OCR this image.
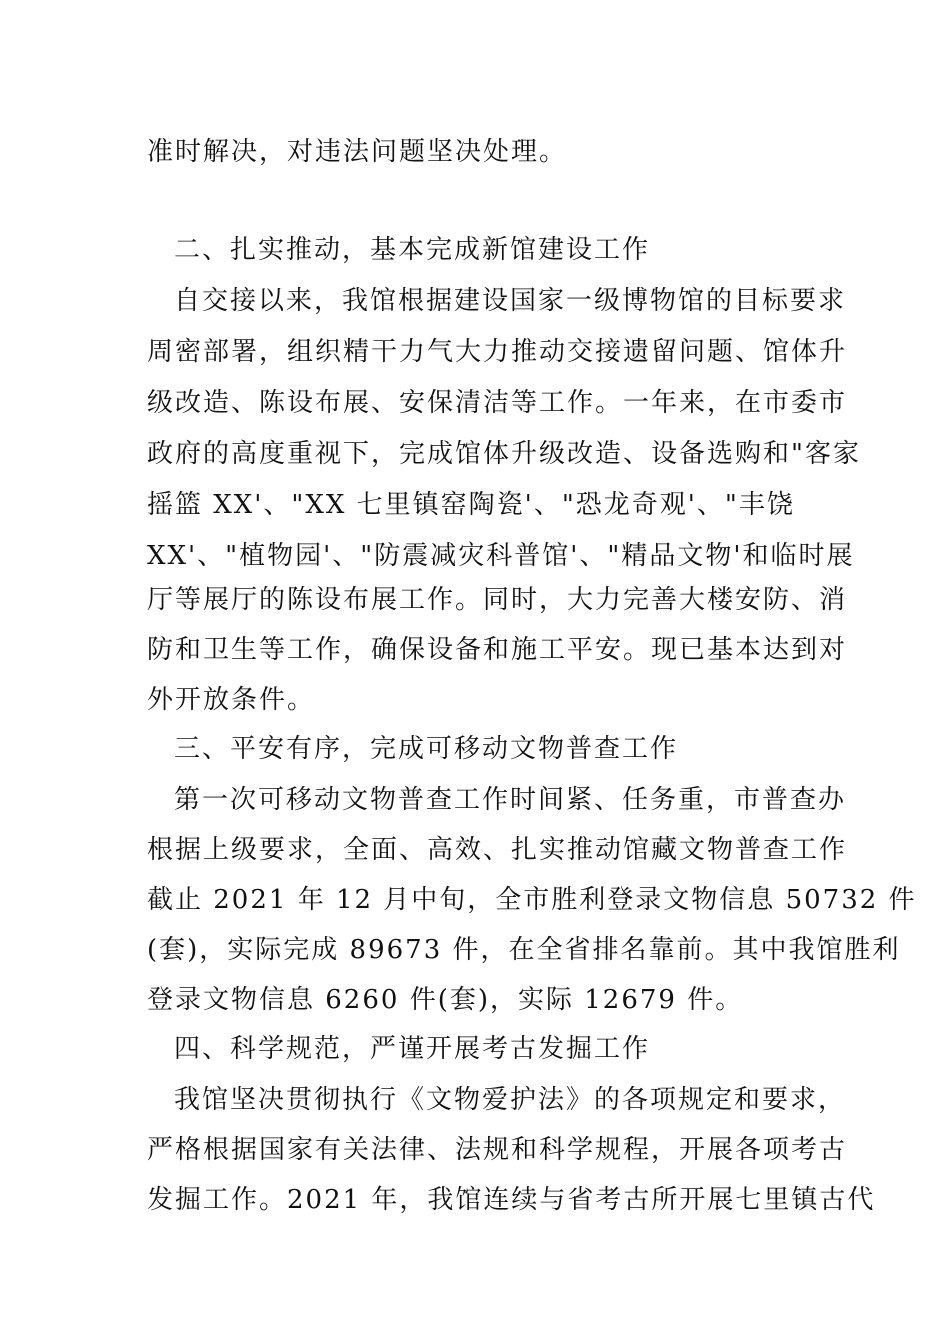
准时解决，对违法问题坚决处理。
二、扎实推动，基本完成新馆建设工作
自交接以来，我馆根据建设国家一级博物馆的目标要求
周密部署，组织精干力气大力推动交接遗留问题、馆体升
级改造、陈设布展、安保清洁等工作。一年来，在市委市
政府的高度重视下，完成馆体升级改造、设备选购和"客家
摇篮 XX'、"XX 七里镇窑陶瓷'、"恐龙奇观'、"丰饶
XX'、"植物园'、"防震减灾科普馆'、"精品文物'和临时展
厅等展厅的陈设布展工作。同时，大力完善大楼安防、消
防和卫生等工作，确保设备和施工平安。现已基本达到对
外开放条件。
三、平安有序，完成可移动文物普查工作
第一次可移动文物普查工作时间紧、任务重，市普查办
根据上级要求，全面、高效、扎实推动馆藏文物普查工作
截止 2021 年 12 月中旬，全市胜利登录文物信息 50732 件
(套)，实际完成 89673 件，在全省排名靠前。其中我馆胜利
登录文物信息 6260 件(套)，实际 12679 件。
四、科学规范，严谨开展考古发掘工作
我馆坚决贯彻执行《文物爱护法》的各项规定和要求，
严格根据国家有关法律、法规和科学规程，开展各项考古
发掘工作。2021 年，我馆连续与省考古所开展七里镇古代
